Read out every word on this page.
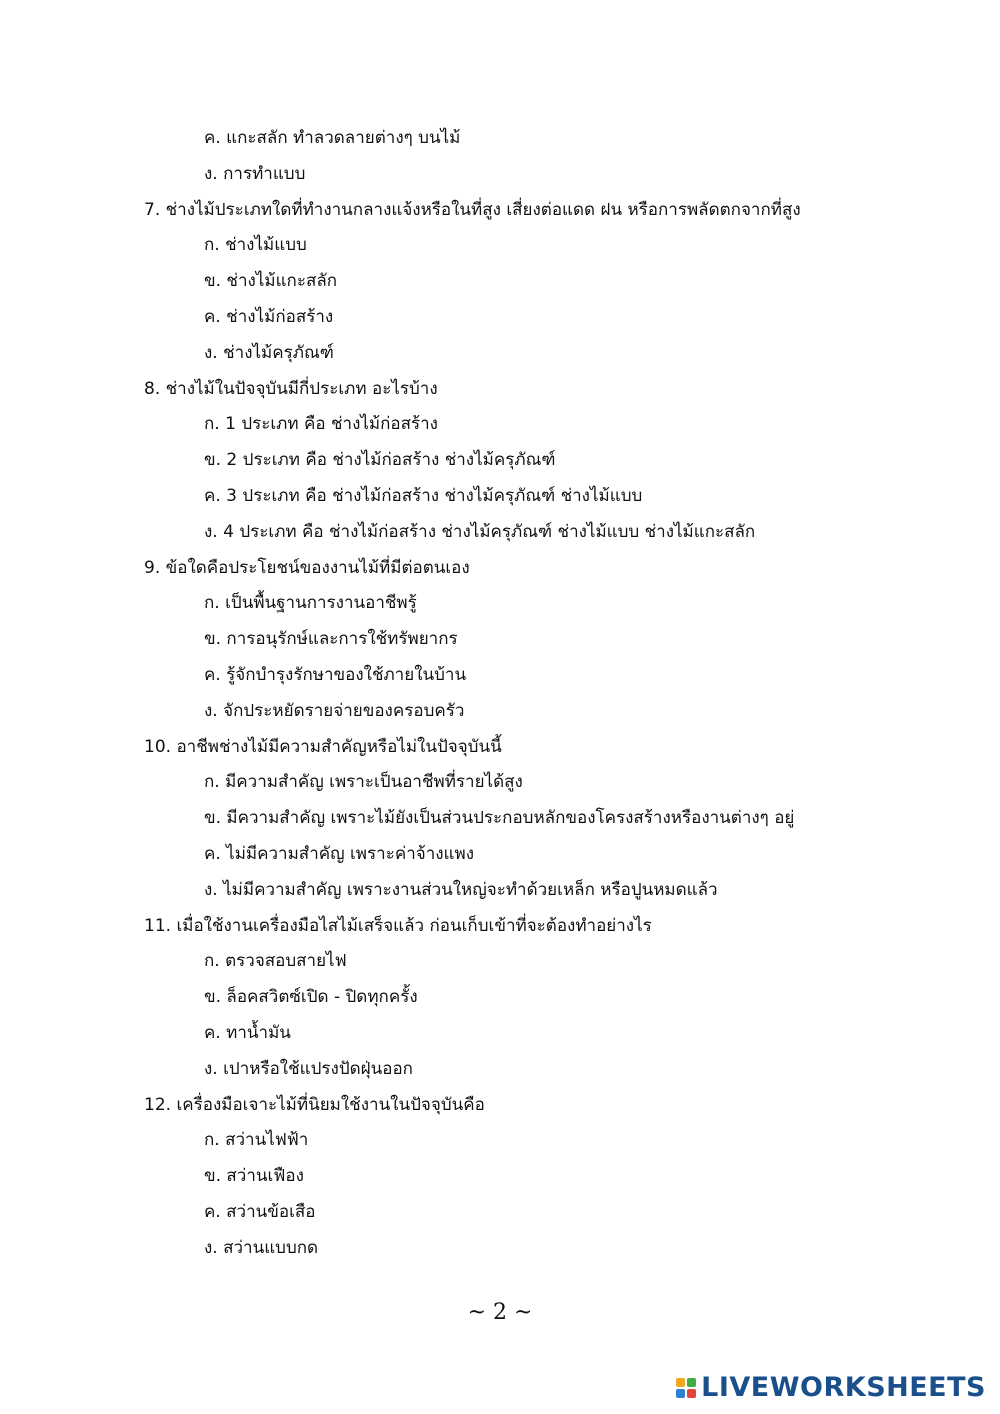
ค. แกะสลัก ทำลวดลายต่างๆ บนไม้
ง. การทำแบบ
7. ช่างไม้ประเภทใดที่ทำงานกลางแจ้งหรือในที่สูง เสี่ยงต่อแดด ฝน หรือการพลัดตกจากที่สูง
ก. ช่างไม้แบบ
ข. ช่างไม้แกะสลัก
ค. ช่างไม้ก่อสร้าง
ง. ช่างไม้ครุภัณฑ์
8. ช่างไม้ในปัจจุบันมีกี่ประเภท อะไรบ้าง
ก. 1 ประเภท คือ ช่างไม้ก่อสร้าง
ข. 2 ประเภท คือ ช่างไม้ก่อสร้าง ช่างไม้ครุภัณฑ์
ค. 3 ประเภท คือ ช่างไม้ก่อสร้าง ช่างไม้ครุภัณฑ์ ช่างไม้แบบ
ง. 4 ประเภท คือ ช่างไม้ก่อสร้าง ช่างไม้ครุภัณฑ์ ช่างไม้แบบ ช่างไม้แกะสลัก
9. ข้อใดคือประโยชน์ของงานไม้ที่มีต่อตนเอง
ก. เป็นพื้นฐานการงานอาชีพรู้
ข. การอนุรักษ์และการใช้ทรัพยากร
ค. รู้จักบำรุงรักษาของใช้ภายในบ้าน
ง. จักประหยัดรายจ่ายของครอบครัว
10. อาชีพช่างไม้มีความสำคัญหรือไม่ในปัจจุบันนี้
ก. มีความสำคัญ เพราะเป็นอาชีพที่รายได้สูง
ข. มีความสำคัญ เพราะไม้ยังเป็นส่วนประกอบหลักของโครงสร้างหรืองานต่างๆ อยู่
ค. ไม่มีความสำคัญ เพราะค่าจ้างแพง
ง. ไม่มีความสำคัญ เพราะงานส่วนใหญ่จะทำด้วยเหล็ก หรือปูนหมดแล้ว
11. เมื่อใช้งานเครื่องมือไสไม้เสร็จแล้ว ก่อนเก็บเข้าที่จะต้องทำอย่างไร
ก. ตรวจสอบสายไฟ
ข. ล็อคสวิตซ์เปิด - ปิดทุกครั้ง
ค. ทาน้ำมัน
ง. เปาหรือใช้แปรงปัดฝุ่นออก
12. เครื่องมือเจาะไม้ที่นิยมใช้งานในปัจจุบันคือ
ก. สว่านไฟฟ้า
ข. สว่านเฟือง
ค. สว่านข้อเสือ
ง. สว่านแบบกด
~ 2 ~
LIVEWORKSHEETS
